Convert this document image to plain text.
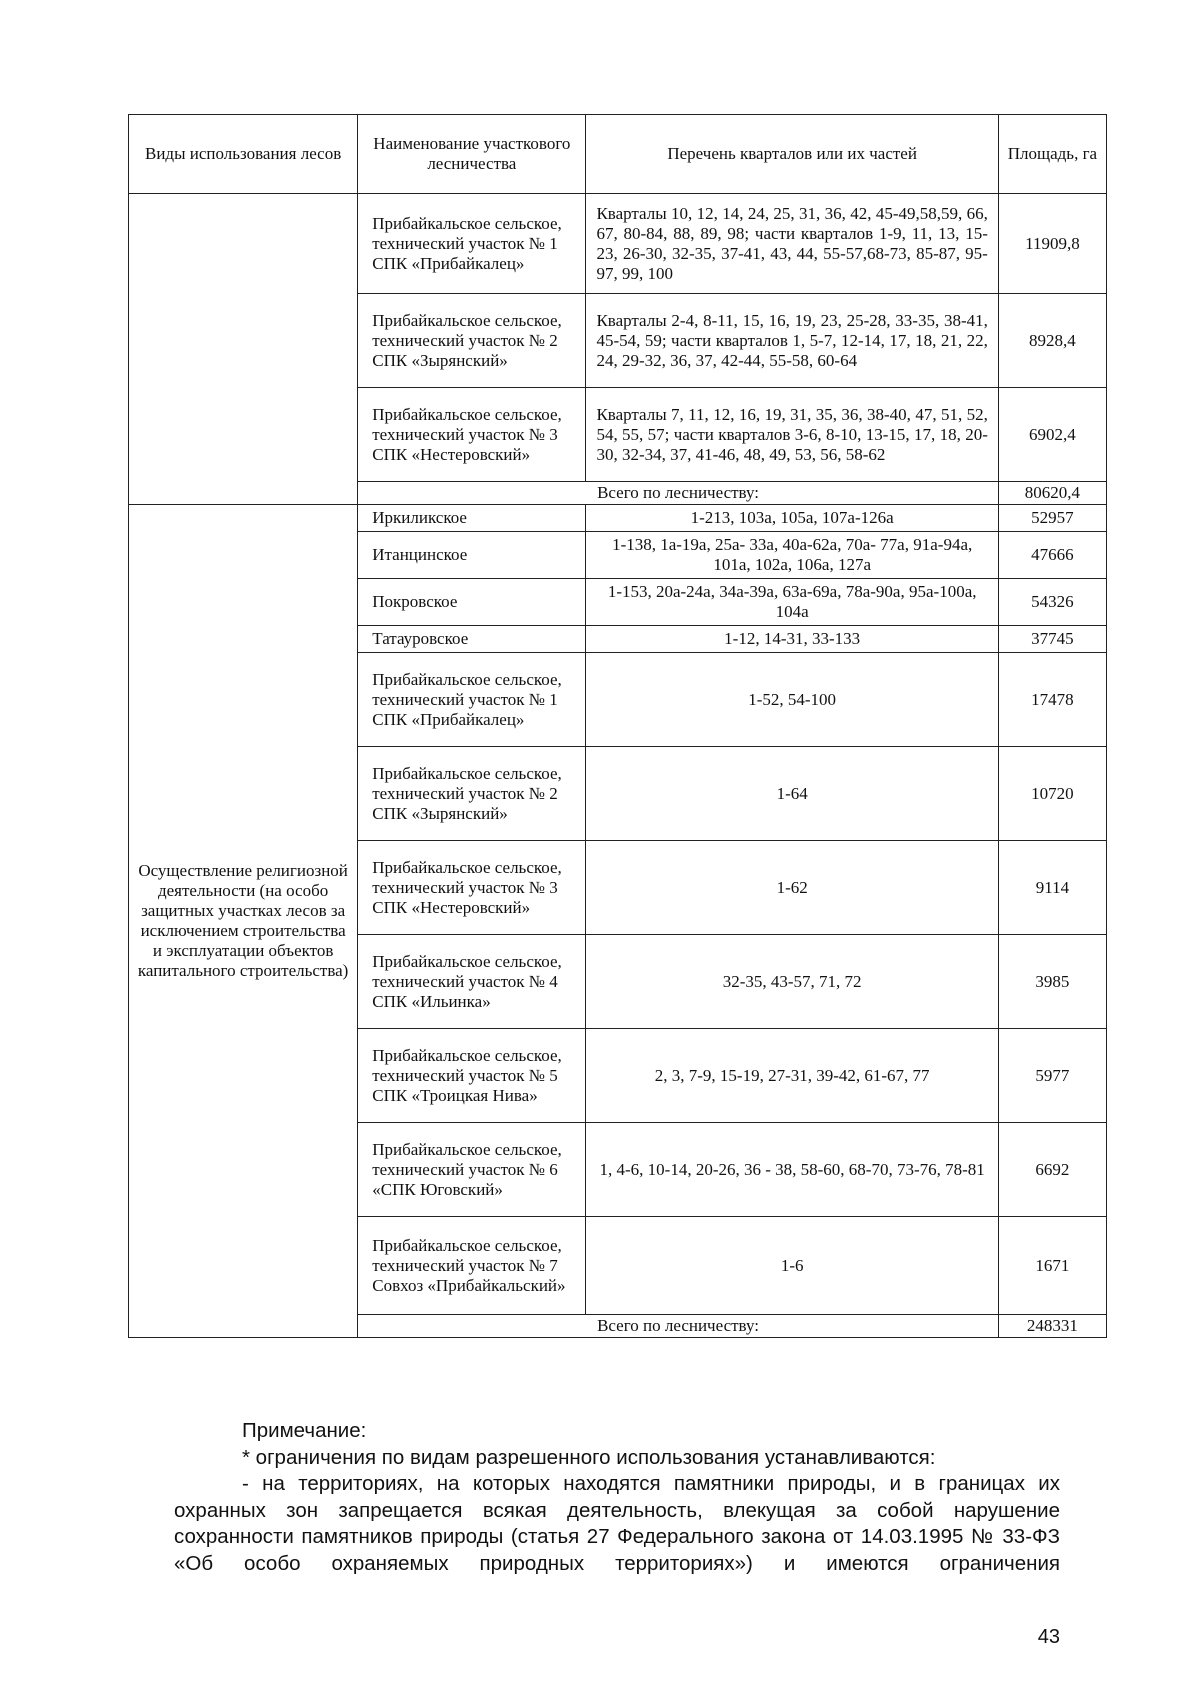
Виды использования лесов	Наименование участкового лесничества	Перечень кварталов или их частей	Площадь, га
	Прибайкальское сельское, технический участок № 1 СПК «Прибайкалец»	Кварталы 10, 12, 14, 24, 25, 31, 36, 42, 45-49,58,59, 66, 67, 80-84, 88, 89, 98; части кварталов 1-9, 11, 13, 15-23, 26-30, 32-35, 37-41, 43, 44, 55-57,68-73, 85-87, 95-97, 99, 100	11909,8
	Прибайкальское сельское, технический участок № 2 СПК «Зырянский»	Кварталы 2-4, 8-11, 15, 16, 19, 23, 25-28, 33-35, 38-41, 45-54, 59; части кварталов 1, 5-7, 12-14, 17, 18, 21, 22, 24, 29-32, 36, 37, 42-44, 55-58, 60-64	8928,4
	Прибайкальское сельское, технический участок № 3 СПК «Нестеровский»	Кварталы 7, 11, 12, 16, 19, 31, 35, 36, 38-40, 47, 51, 52, 54, 55, 57; части кварталов 3-6, 8-10, 13-15, 17, 18, 20-30, 32-34, 37, 41-46, 48, 49, 53, 56, 58-62	6902,4
	Всего по лесничеству:		80620,4
Осуществление религиозной деятельности (на особо защитных участках лесов за исключением строительства и эксплуатации объектов капитального строительства)	Иркиликское	1-213, 103а, 105а, 107а-126а	52957
	Итанцинское	1-138, 1а-19а, 25а- 33а, 40а-62а, 70а- 77а, 91а-94а, 101а, 102а, 106а, 127а	47666
	Покровское	1-153, 20а-24а, 34а-39а, 63а-69а, 78а-90а, 95а-100а, 104а	54326
	Татауровское	1-12, 14-31, 33-133	37745
	Прибайкальское сельское, технический участок № 1 СПК «Прибайкалец»	1-52, 54-100	17478
	Прибайкальское сельское, технический участок № 2 СПК «Зырянский»	1-64	10720
	Прибайкальское сельское, технический участок № 3 СПК «Нестеровский»	1-62	9114
	Прибайкальское сельское, технический участок № 4 СПК «Ильинка»	32-35, 43-57, 71, 72	3985
	Прибайкальское сельское, технический участок № 5 СПК «Троицкая Нива»	2, 3, 7-9, 15-19, 27-31, 39-42, 61-67, 77	5977
	Прибайкальское сельское, технический участок № 6 «СПК Юговский»	1, 4-6, 10-14, 20-26, 36 - 38, 58-60, 68-70, 73-76, 78-81	6692
	Прибайкальское сельское, технический участок № 7 Совхоз «Прибайкальский»	1-6	1671
	Всего по лесничеству:		248331

Примечание:

* ограничения по видам разрешенного использования устанавливаются:

- на территориях, на которых находятся памятники природы, и в границах их охранных зон запрещается всякая деятельность, влекущая за собой нарушение сохранности памятников природы (статья 27 Федерального закона от 14.03.1995 № 33-ФЗ «Об особо охраняемых природных территориях») и имеются ограничения

43
